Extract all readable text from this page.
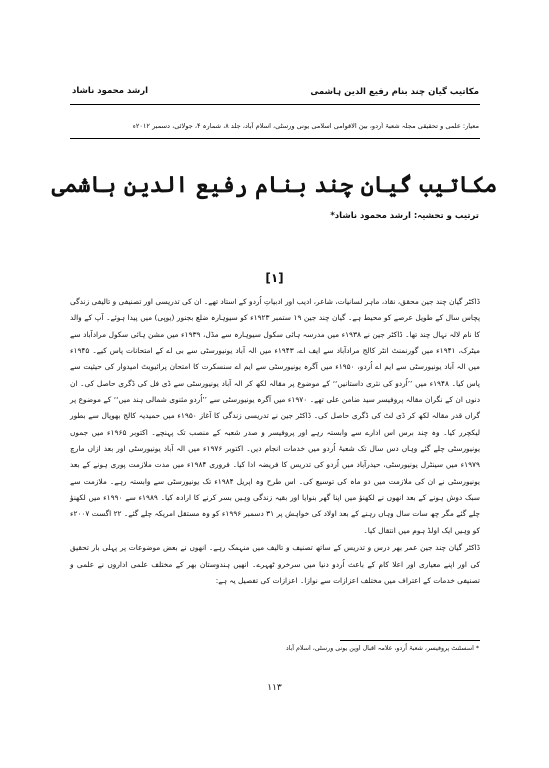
مکاتیب گیان چند بنام رفیع الدین ہاشمی
ارشد محمود ناشاد
معیار: علمی و تحقیقی مجلہ شعبۂ اُردو، بین الاقوامی اسلامی یونی ورسٹی، اسلام آباد، جلد ۸، شمارہ ۴، جولائی، دسمبر ۲۰۱۲ء
مکاتیب گیان چند بنام رفیع الدین ہاشمی
ترتیب و تحشیہ: ارشد محمود ناشاد*
[۱]

ڈاکٹر گیان چند جین محقق، نقاد، ماہر لسانیات، شاعر، ادیب اور ادبیاتِ اُردو کے استاد تھے۔ ان کی تدریسی اور تصنیفی و تالیفی زندگی پچاس سال کے طویل عرصے کو محیط ہے۔ گیان چند جین ۱۹ ستمبر ۱۹۲۳ء کو سیوہارہ ضلع بجنور (یوپی) میں پیدا ہوئے۔ آپ کے والد کا نام لالہ نہال چند تھا۔ ڈاکٹر جین نے ۱۹۳۸ء میں مدرسہ ہائی سکول سیوہارہ سے مڈل، ۱۹۳۹ء میں مشن ہائی سکول مرادآباد سے میٹرک، ۱۹۴۱ء میں گورنمنٹ انٹر کالج مرادآباد سے ایف اے، ۱۹۴۳ء میں الہ آباد یونیورسٹی سے بی اے کے امتحانات پاس کیے۔ ۱۹۴۵ء میں الہ آباد یونیورسٹی سے ایم اے اُردو، ۱۹۵۰ء میں آگرہ یونیورسٹی سے ایم اے سنسکرت کا امتحان پرائیویٹ امیدوار کی حیثیت سے پاس کیا۔ ۱۹۴۸ء میں ’’اُردو کی نثری داستانیں‘‘ کے موضوع پر مقالہ لکھ کر الہ آباد یونیورسٹی سے ڈی فل کی ڈگری حاصل کی۔ ان دنوں ان کے نگران مقالہ پروفیسر سید ضامن علی تھے۔ ۱۹۷۰ء میں آگرہ یونیورسٹی سے ’’اُردو مثنوی شمالی ہند میں‘‘ کے موضوع پر گراں قدر مقالہ لکھ کر ڈی لٹ کی ڈگری حاصل کی۔ ڈاکٹر جین نے تدریسی زندگی کا آغاز ۱۹۵۰ء میں حمیدیہ کالج بھوپال سے بطور لیکچرر کیا۔ وہ چند برس اس ادارے سے وابستہ رہے اور پروفیسر و صدر شعبہ کے منصب تک پہنچے۔ اکتوبر ۱۹۶۵ء میں جموں یونیورسٹی چلے گئے وہاں دس سال تک شعبۂ اُردو میں خدمات انجام دیں۔ اکتوبر ۱۹۷۶ء میں الہ آباد یونیورسٹی اور بعد ازاں مارچ ۱۹۷۹ء میں سینٹرل یونیورسٹی، حیدرآباد میں اُردو کی تدریس کا فریضہ ادا کیا۔ فروری ۱۹۸۴ء میں مدت ملازمت پوری ہونے کے بعد یونیورسٹی نے ان کی ملازمت میں دو ماہ کی توسیع کی۔ اس طرح وہ اپریل ۱۹۸۴ء تک یونیورسٹی سے وابستہ رہے۔ ملازمت سے سبک دوش ہونے کے بعد انھوں نے لکھنؤ میں اپنا گھر بنوایا اور بقیہ زندگی وہیں بسر کرنے کا ارادہ کیا۔ ۱۹۸۹ء سے ۱۹۹۰ء میں لکھنؤ چلے گئے مگر چھ سات سال وہاں رہنے کے بعد اولاد کی خواہش پر ۳۱ دسمبر ۱۹۹۶ء کو وہ مستقل امریکہ چلے گئے۔ ۲۲ اگست ۲۰۰۷ء کو وہیں ایک اولڈ ہوم میں انتقال کیا۔

ڈاکٹر گیان چند جین عمر بھر درس و تدریس کے ساتھ تصنیف و تالیف میں منہمک رہے۔ انھوں نے بعض موضوعات پر پہلی بار تحقیق کی اور اپنے معیاری اور اعلا کام کے باعث اُردو دنیا میں سرخرو ٹھہرے۔ انھیں ہندوستان بھر کے مختلف علمی اداروں نے علمی و تصنیفی خدمات کے اعتراف میں مختلف اعزازات سے نوازا۔ اعزازات کی تفصیل یہ ہے:

* اسسٹنٹ پروفیسر، شعبۂ اُردو، علامہ اقبال اوپن یونی ورسٹی، اسلام آباد
۱۱۳
